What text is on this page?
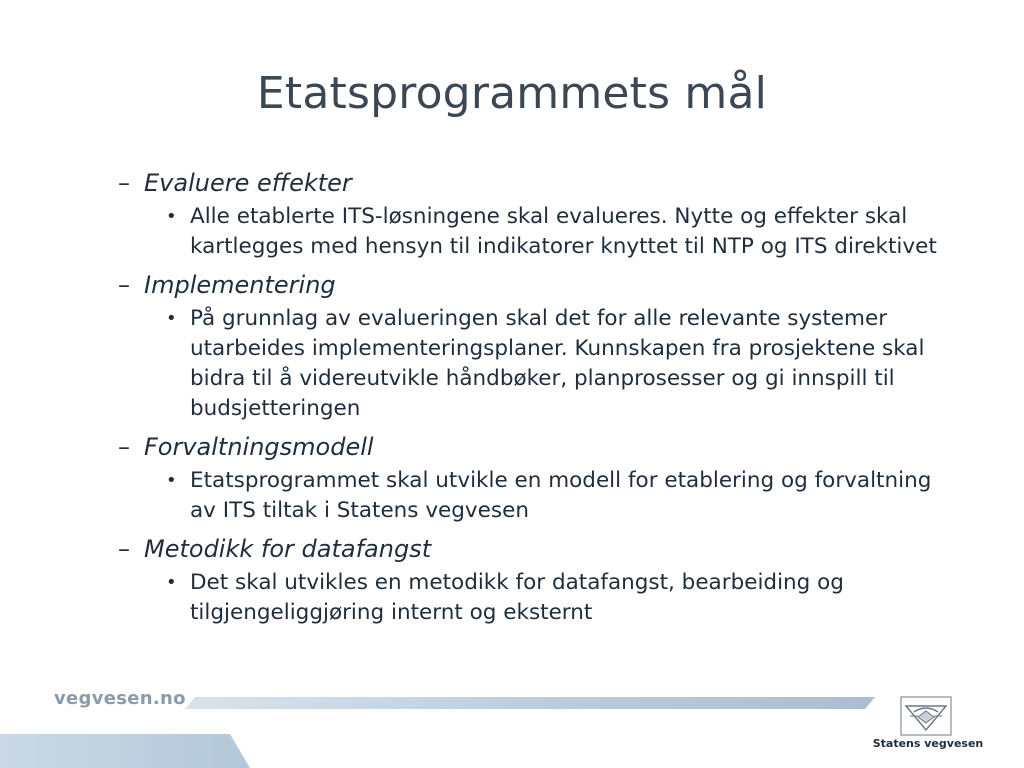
Etatsprogrammets mål
– Evaluere effekter
• Alle etablerte ITS-løsningene skal evalueres. Nytte og effekter skal kartlegges med hensyn til indikatorer knyttet til NTP og ITS direktivet
– Implementering
• På grunnlag av evalueringen skal det for alle relevante systemer utarbeides implementeringsplaner. Kunnskapen fra prosjektene skal bidra til å videreutvikle håndbøker, planprosesser og gi innspill til budsjetteringen
– Forvaltningsmodell
• Etatsprogrammet skal utvikle en modell for etablering og forvaltning av ITS tiltak i Statens vegvesen
– Metodikk for datafangst
• Det skal utvikles en metodikk for datafangst, bearbeiding og tilgjengeliggjøring internt og eksternt
vegvesen.no
Statens vegvesen
